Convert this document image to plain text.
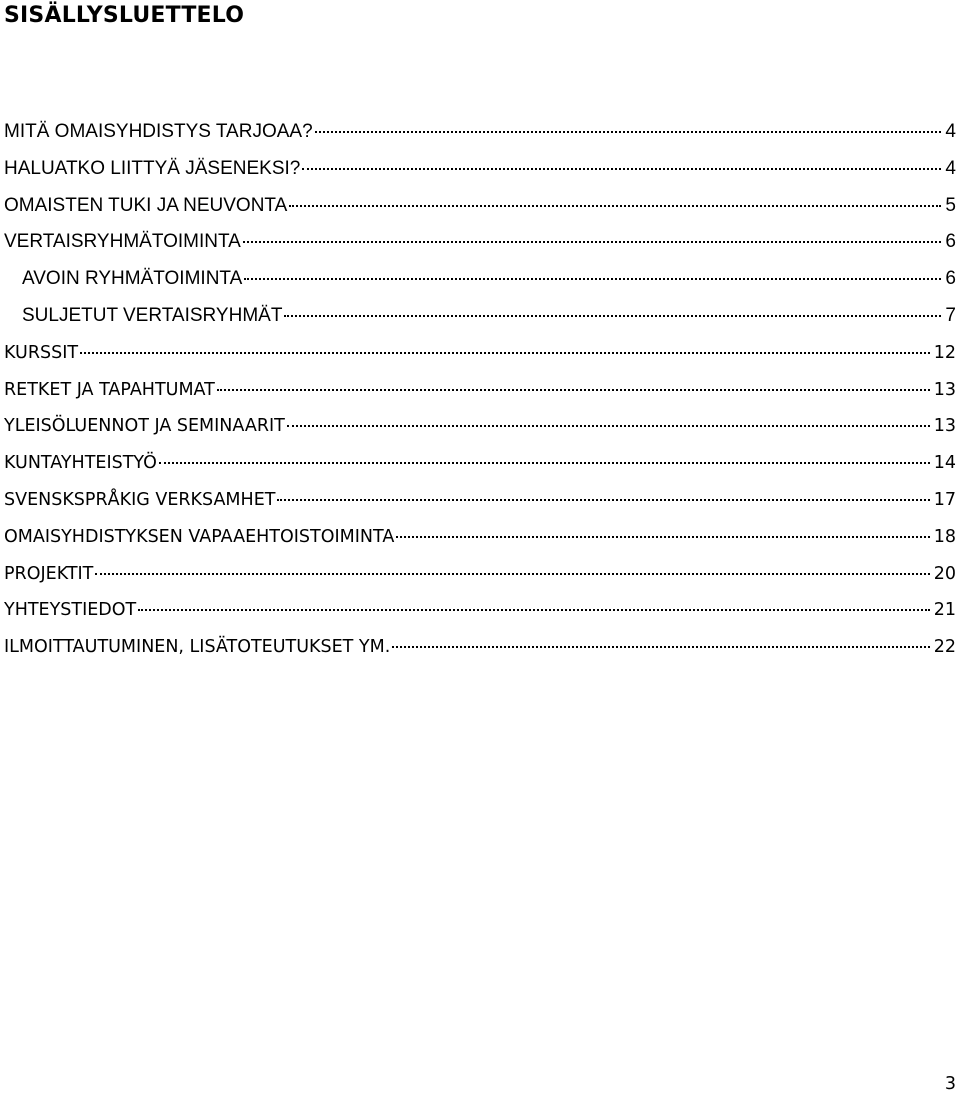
SISÄLLYSLUETTELO
MITÄ OMAISYHDISTYS TARJOAA?	4
HALUATKO LIITTYÄ JÄSENEKSI?	4
OMAISTEN TUKI JA NEUVONTA	5
VERTAISRYHMÄTOIMINTA	6
AVOIN RYHMÄTOIMINTA	6
SULJETUT VERTAISRYHMÄT	7
KURSSIT	12
RETKET JA TAPAHTUMAT	13
YLEISÖLUENNOT JA SEMINAARIT	13
KUNTAYHTEISTYÖ	14
SVENSKSPRÅKIG VERKSAMHET	17
OMAISYHDISTYKSEN VAPAAEHTOISTOIMINTA	18
PROJEKTIT	20
YHTEYSTIEDOT	21
ILMOITTAUTUMINEN, LISÄTOTEUTUKSET YM.	22

3
